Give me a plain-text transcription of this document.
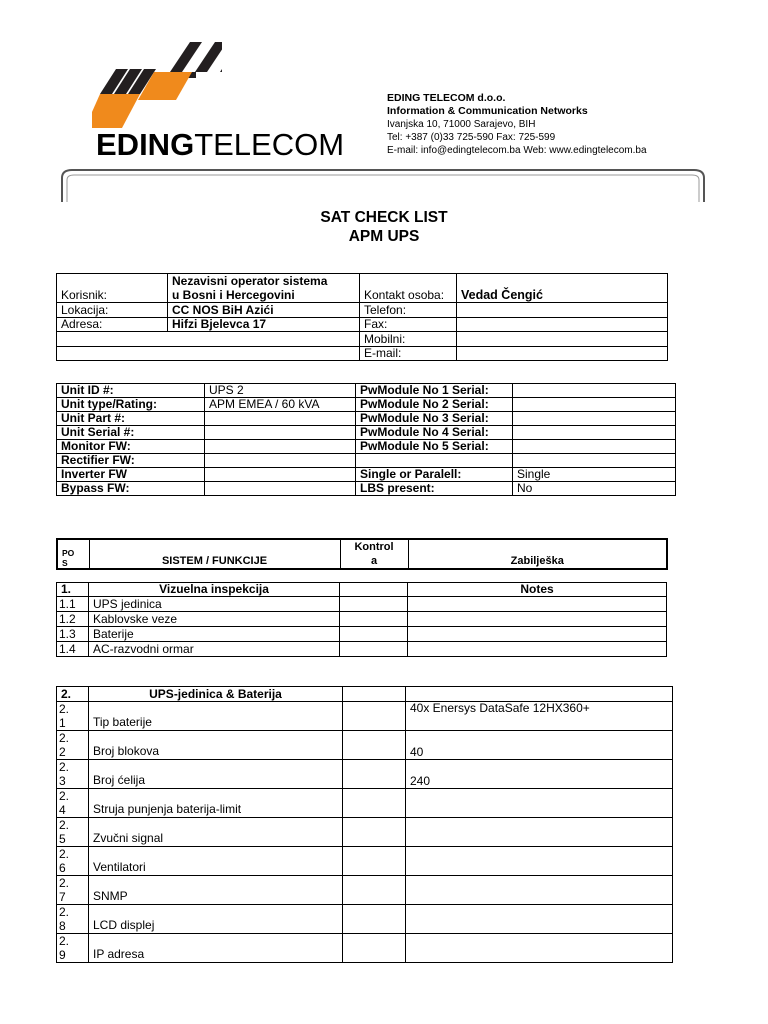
EDINGTELECOM
EDING TELECOM d.o.o.
Information & Communication Networks
Ivanjska 10, 71000 Sarajevo, BIH
Tel: +387 (0)33 725-590 Fax: 725-599
E-mail: info@edingtelecom.ba Web: www.edingtelecom.ba
SAT CHECK LIST
APM UPS
Korisnik:	Nezavisni operator sistema
u Bosni i Hercegovini	Kontakt osoba:	Vedad Čengić
Lokacija:	CC NOS BiH Azići	Telefon:	
Adresa:	Hifzi Bjelevca 17	Fax:	
		Mobilni:	
		E-mail:	
Unit ID #:	UPS 2	PwModule No 1 Serial:	
Unit type/Rating:	APM EMEA / 60 kVA	PwModule No 2 Serial:	
Unit Part #:		PwModule No 3 Serial:	
Unit Serial #:		PwModule No 4 Serial:	
Monitor FW:		PwModule No 5 Serial:	
Rectifier FW:			
Inverter FW		Single or Paralell:	Single
Bypass FW:		LBS present:	No
PO
S	SISTEM / FUNKCIJE	
Kontrol
a	Zabilješka
1.	Vizuelna inspekcija		Notes
1.1	UPS jedinica		
1.2	Kablovske veze		
1.3	Baterije		
1.4	AC-razvodni ormar		
2.	UPS-jedinica & Baterija		

2.
1	Tip baterije		40x Enersys DataSafe 12HX360+

2.
2	Broj blokova		40

2.
3	Broj ćelija		240

2.
4	Struja punjenja baterija-limit		

2.
5	Zvučni signal		

2.
6	Ventilatori		

2.
7	SNMP		

2.
8	LCD displej		

2.
9	IP adresa		
